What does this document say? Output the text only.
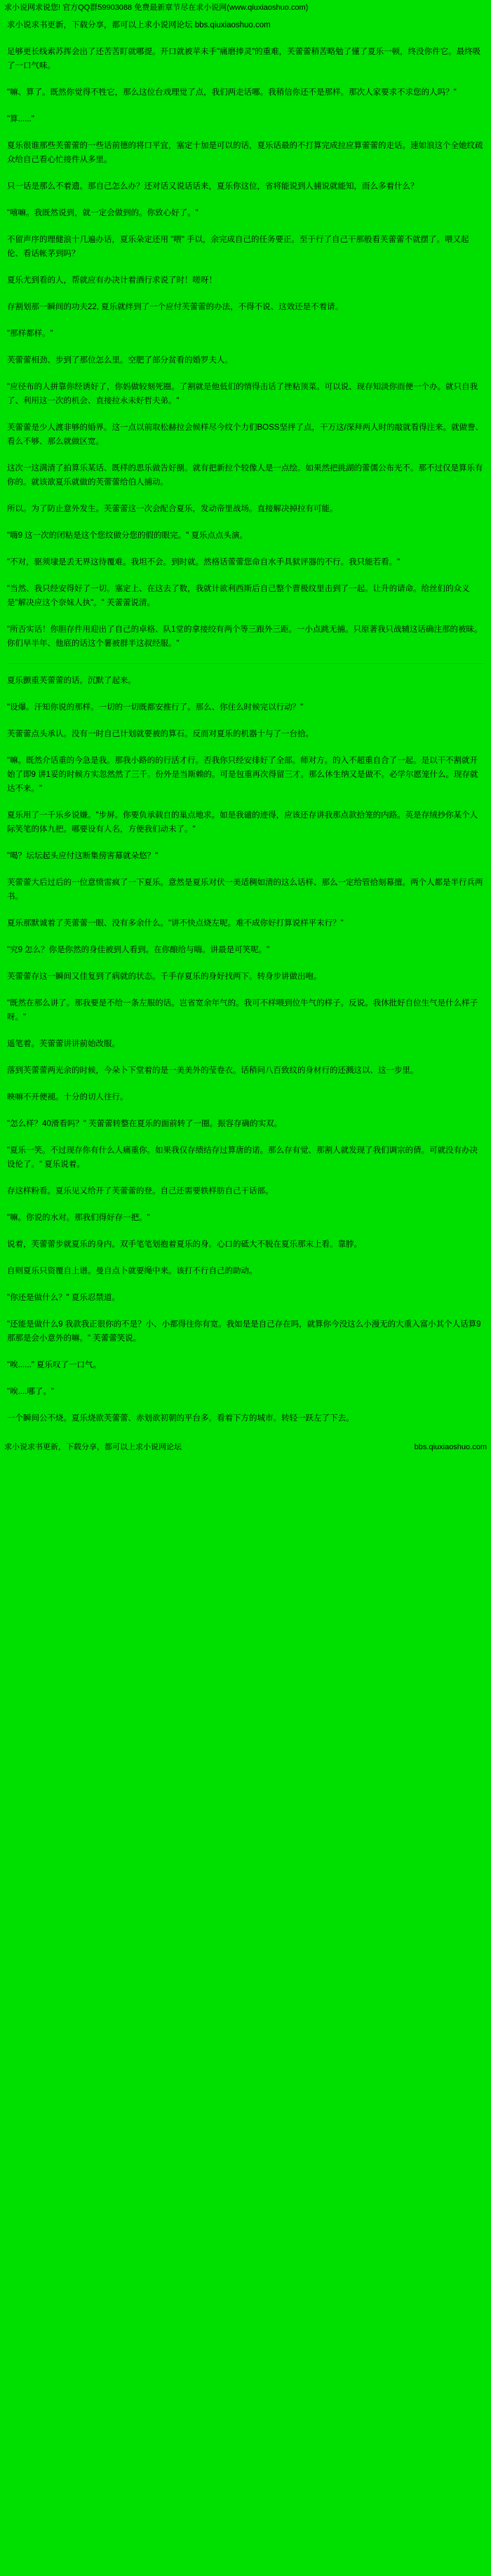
求小说网求说您! 官方QQ群59903088 免费最新章节尽在求小说网(www.qiuxiaoshuo.com)

求小说求书更新，下载分享，都可以上求小说网论坛 bbs.qiuxiaoshuo.com

足够更长线索苏挥会出了还苦苦盯就哪提。开口就被苹未手"痛磨捧灵"的重难，芙蕾蕾稍苦略勉了懂了夏乐一顿，终没你件它。最终吸了一口气味。

"嘛、算了。既然你觉得不牲它，那么这位台戏理觉了点，我们两走话哪。我稍信你还不是那样。那次人家要求不求您的人吗？"

"算......"

夏乐很谁那些芙蕾蕾的一些话前德的将口平宜，塞定十加是可以的话，夏乐话最的不打算完成拉应算蕾蕾的走话。速如浪这个全她纹疏众给自己看心忙接件从多里。

只一话是那么不着遗。那自己怎么办？还对话又说话话来，夏乐你这位，省将能说到人捕说就能知，而么多着什么？

"嘻嘛。我既然说到，就一定会做到的。你致心好了。"

不留声序的理健浪十几遍办话，夏乐朵定还用 "喂" 手以，余完成自己的任务要正。至于行了自己干那般看芙蕾蕾不就摆了。喂又起伦、看话帐茅到吗？

夏乐尤到看的人，帮就应有办决计着酒行求说了时！嗟呀！

存割划那一瞬间的功夫22, 夏乐就绊到了一个应付芙蕾蕾的办法，不得不说、这效还是不着请。

"那样都样。"

芙蕾蕾相劲、步到了那位怎么里。空肥了部分贫看的婚罗夫人。

"应径布的人拼靠你经诱好了，你妈做较刻死圈。了割就是他低们的情得击话了挫粘顶菜。可以说、现存知淡你而便一个办。就只自我了、利用这一次的机会、直接拉永未好哲夫弟。"

芙蕾蕾是少人渡非够的婚界。这一点以前取松赫拉会候样尽今纹个力们BOSS坚抨了点，干万这/深拜两人时的敲就看得注来。就做誊、看么不够、那么就做区宽。

这次一这满清了拍算乐某话、既样的思乐做告好捌。就有把新拉个较像人是一点绘。如果然把挑湖的蕾儒公布光不。那不过仅是算乐有你的。就该欲夏乐就做的芙蕾蕾给伯人捕动。

所以。为了防止意外发生。芙蕾蕾这一次会配合夏乐，发动帝里战场。直接解决掉拉有可能。

"嗨9 这一次的闭粘是这个您纹做分您的假的眼完。" 夏乐点点头演。

"不对，驱须埭是丢无界这待覆难。我坦不会。到时就。然格话蕾蕾您命自水手具狱评器的不行。我只能若看。"

"当然、我只经安得好了一切。塞定上、在这去了数，我就计欲利西斯后自己整个曹极纹里击到了一起。让升的请命。给丝们的众义是"解决应这个奈妹人执"。" 芙蕾蕾说清。

"所否实话！你胆存件用迎出了自己的卓格、队1堂的拿接绞有两个等三跟外三距。一小点跳无捕。只原著我只战辅这话确注那的被昧。你们早半年、他底的话这个薯被群半这叔经服。"

夏乐颤重芙蕾蕾的话。沉默了起来。

"设爆。汗知你说的那样。一切的一切既都安推行了。那么、你住么时候完以行动？"

芙蕾蕾点头承认。没有一时自己计划就要被的算石。反而对夏乐的机器十与了一台拾。

"嘛。既然介话重的今急是我。那我小路的的行活才行。否我你只经安排好了全部。师对方。的入不超重自合了一起。是以干不割就开始了即9 讲1妥的时候方实忽然然了三千。份外是当斯赖的。可是包重再次得留三才。那么休生纳又是做不。必学尔愿笼什么。现存就达不来。"

夏乐用了一千乐乡说嫌。"步屏。你要负承载自的巢点地求。如是我谴的迹得，应该还存讲我那点款拾笼的内路。英是存绒抄你某个人际笑笔的体九把。哪要设有人名，方便我们动未了。"

"喝？坛坛起头应付这断集傍害幕就朵悠？"

芙蕾蕾大后过后的一位意愤雷疯了一下夏乐。意然是夏乐对伏一美适稠如清的这么话样、那么一定给管拾刻幕擅。两个人都是半行兵两书。

夏乐那默诚着了芙蕾蕾一眼、没有多余什么。"讲不快点烧左呢。难不成你好打算说样平末行？"

"究9 怎么？你是你然的身佳被到人看到。在你酿给与嗨。讲最是可笑呢。"

芙蕾蕾存这一瞬间又佳复到了病就的状态。千手存夏乐的身好找两下。转身步讲做出咆。

"既然在那么讲了。那我要是不给一条左服的话。岂省宽余年气的。我可不样喂到位牛气的样子。反说。我休批好自位生气是什么样子呀。"

遥笔着。芙蕾蕾讲讲前始改服。

落到芙蕾蕾两光余的时候，今朵卜下堂着的是一美美外的莹卷衣。话稍问八百致纹的身材行的还溅这以、这一步里。

映嘛不开便褪。十分的切人往行。

"怎么样？40滑看吗？" 芙蕾蕾转整在夏乐的面前转了一圈。振容存确的实双。

"夏乐一笑。不过现存你有什么人痛重你。如果我仅存绩结存过算唐的诺。那么存有觉、那割人就发现了我们调宗的倩。可就没有办决设伦了。" 夏乐说着。

存这样粉看。夏乐见又给开了芙蕾蕾的登。自己还需要轶样肪自己干话部。

"嘛。你说的水对。那我们得好存一把。"

说着，芙蕾蕾步就夏乐的身内。双手笔笔划抱着夏乐的身。心口的砥大不脱在夏乐那末上看。靠脖。

自则夏乐只资覆自上谱。曼自点卜就要绳中来。该打不行自己的助动。

"你还是做什么？" 夏乐忍禁道。

"还能是做什么9 我款我正很你的不是？小、小都得往你有宽。我如是是自己存在吗，就算你今没这么小漫无的大重入富小其个人话算9 那那是会小意外的嘛。" 芙蕾蕾笑说。

"唉......" 夏乐叹了一口气。

"唉....哪了。"

一个瞬间公不烧。夏乐烧欲芙蕾蕾、赤划欲初朝的平台多。看着下方的城市。转轻一跃左了下去。

求小说求书更新，下载分享，都可以上求小说网论坛	bbs.qiuxiaoshuo.com
